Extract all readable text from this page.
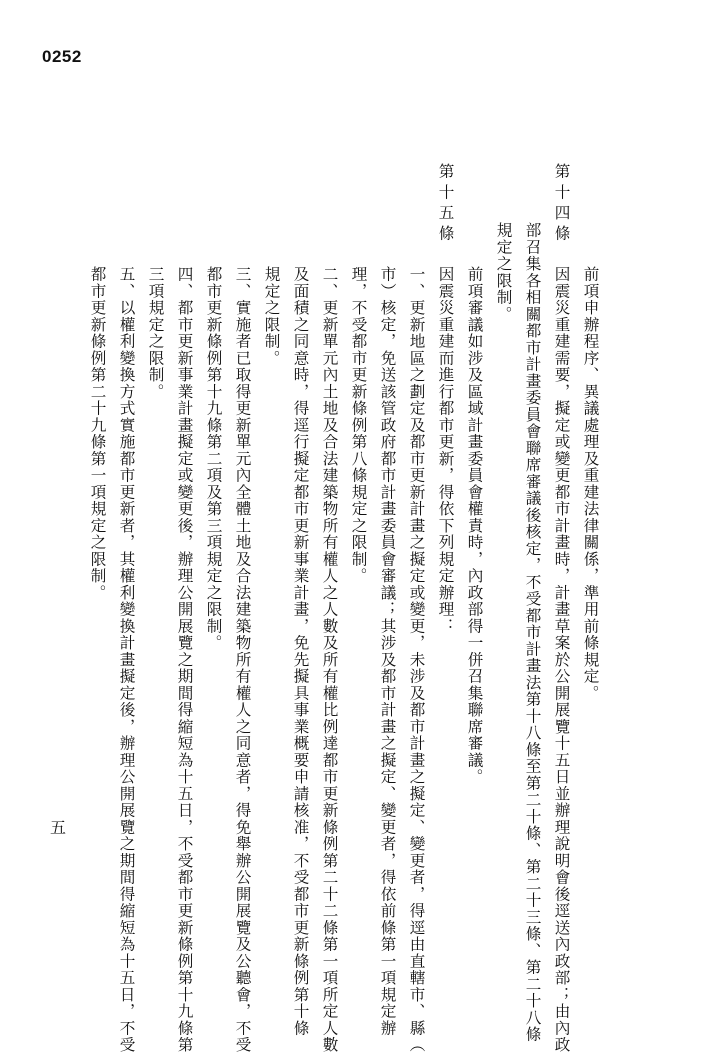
0252
第十四條
前項申辦程序、異議處理及重建法律關係，準用前條規定。
因震災重建需要，擬定或變更都市計畫時，計畫草案於公開展覽十五日並辦理說明會後逕送內政部；由內政
部召集各相關都市計畫委員會聯席審議後核定，不受都市計畫法第十八條至第二十條、第二十三條、第二十八條
規定之限制。
前項審議如涉及區域計畫委員會權責時，內政部得一併召集聯席審議。
第十五條
因震災重建而進行都市更新，得依下列規定辦理：
一、更新地區之劃定及都市更新計畫之擬定或變更，未涉及都市計畫之擬定、變更者，得逕由直轄市、縣（
市）核定，免送該管政府都市計畫委員會審議；其涉及都市計畫之擬定、變更者，得依前條第一項規定辦
理，不受都市更新條例第八條規定之限制。
二、更新單元內土地及合法建築物所有權人之人數及所有權比例達都市更新條例第二十二條第一項所定人數
及面積之同意時，得逕行擬定都市更新事業計畫，免先擬具事業概要申請核准，不受都市更新條例第十條
規定之限制。
三、實施者已取得更新單元內全體土地及合法建築物所有權人之同意者，得免舉辦公開展覽及公聽會，不受
都市更新條例第十九條第二項及第三項規定之限制。
四、都市更新事業計畫擬定或變更後，辦理公開展覽之期間得縮短為十五日，不受都市更新條例第十九條第
三項規定之限制。
五、以權利變換方式實施都市更新者，其權利變換計畫擬定後，辦理公開展覽之期間得縮短為十五日，不受
都市更新條例第二十九條第一項規定之限制。
五
